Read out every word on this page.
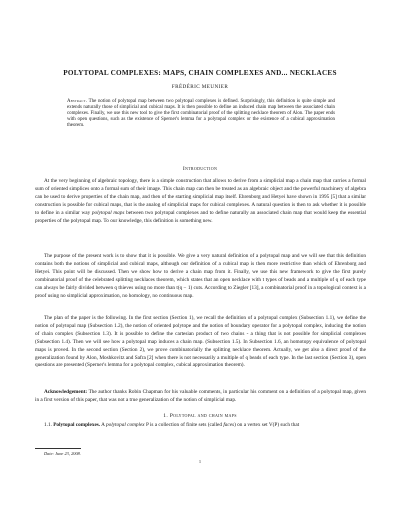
POLYTOPAL COMPLEXES: MAPS, CHAIN COMPLEXES AND... NECKLACES
FRÉDÉRIC MEUNIER

Abstract. The notion of polytopal map between two polytopal complexes is defined. Surprisingly, this definition is quite simple and extends naturally those of simplicial and cubical maps. It is then possible to define an induced chain map between the associated chain complexes. Finally, we use this new tool to give the first combinatorial proof of the splitting necklace theorem of Alon. The paper ends with open questions, such as the existence of Sperner's lemma for a polytopal complex or the existence of a cubical approximation theorem.

Introduction

At the very beginning of algebraic topology, there is a simple construction that allows to derive from a simplicial map a chain map that carries a formal sum of oriented simplices onto a formal sum of their image. This chain map can then be treated as an algebraic object and the powerful machinery of algebra can be used to derive properties of the chain map, and then of the starting simplicial map itself. Ehrenborg and Hetyei have shown in 1995 [5] that a similar construction is possible for cubical maps, that is the analog of simplicial maps for cubical complexes. A natural question is then to ask whether it is possible to define in a similar way polytopal maps between two polytopal complexes and to define naturally an associated chain map that would keep the essential properties of the polytopal map. To our knowledge, this definition is something new.

The purpose of the present work is to show that it is possible. We give a very natural definition of a polytopal map and we will see that this definition contains both the notions of simplicial and cubical maps, although our definition of a cubical map is then more restrictive than which of Ehrenborg and Hetyei. This point will be discussed. Then we show how to derive a chain map from it. Finally, we use this new framework to give the first purely combinatorial proof of the celebrated splitting necklaces theorem, which states that an open necklace with t types of beads and a multiple of q of each type can always be fairly divided between q thieves using no more than t(q − 1) cuts. According to Ziegler [13], a combinatorial proof in a topological context is a proof using no simplicial approximation, no homology, no continuous map.

The plan of the paper is the following. In the first section (Section 1), we recall the definition of a polytopal complex (Subsection 1.1), we define the notion of polytopal map (Subsection 1.2), the notion of oriented polytope and the notion of boundary operator for a polytopal complex, inducing the notion of chain complex (Subsection 1.3). It is possible to define the cartesian product of two chains - a thing that is not possible for simplicial complexes (Subsection 1.4). Then we will see how a polytopal map induces a chain map. (Subsection 1.5). In Subsection 1.6, an homotopy equivalence of polytopal maps is proved. In the second section (Section 2), we prove combinatorially the splitting necklace theorem. Actually, we get also a direct proof of the generalization found by Alon, Moshkovitz and Safra [2] when there is not necessarily a multiple of q beads of each type. In the last section (Section 3), open questions are presented (Sperner's lemma for a polytopal complex, cubical approximation theorem).

Acknowledgement: The author thanks Robin Chapman for his valuable comments, in particular his comment on a definition of a polytopal map, given in a first version of this paper, that was not a true generalization of the notion of simplicial map.

1. Polytopal and chain maps

1.1. Polytopal complexes. A polytopal complex P is a collection of finite sets (called faces) on a vertex set V(P) such that

Date: June 23, 2008.
1
